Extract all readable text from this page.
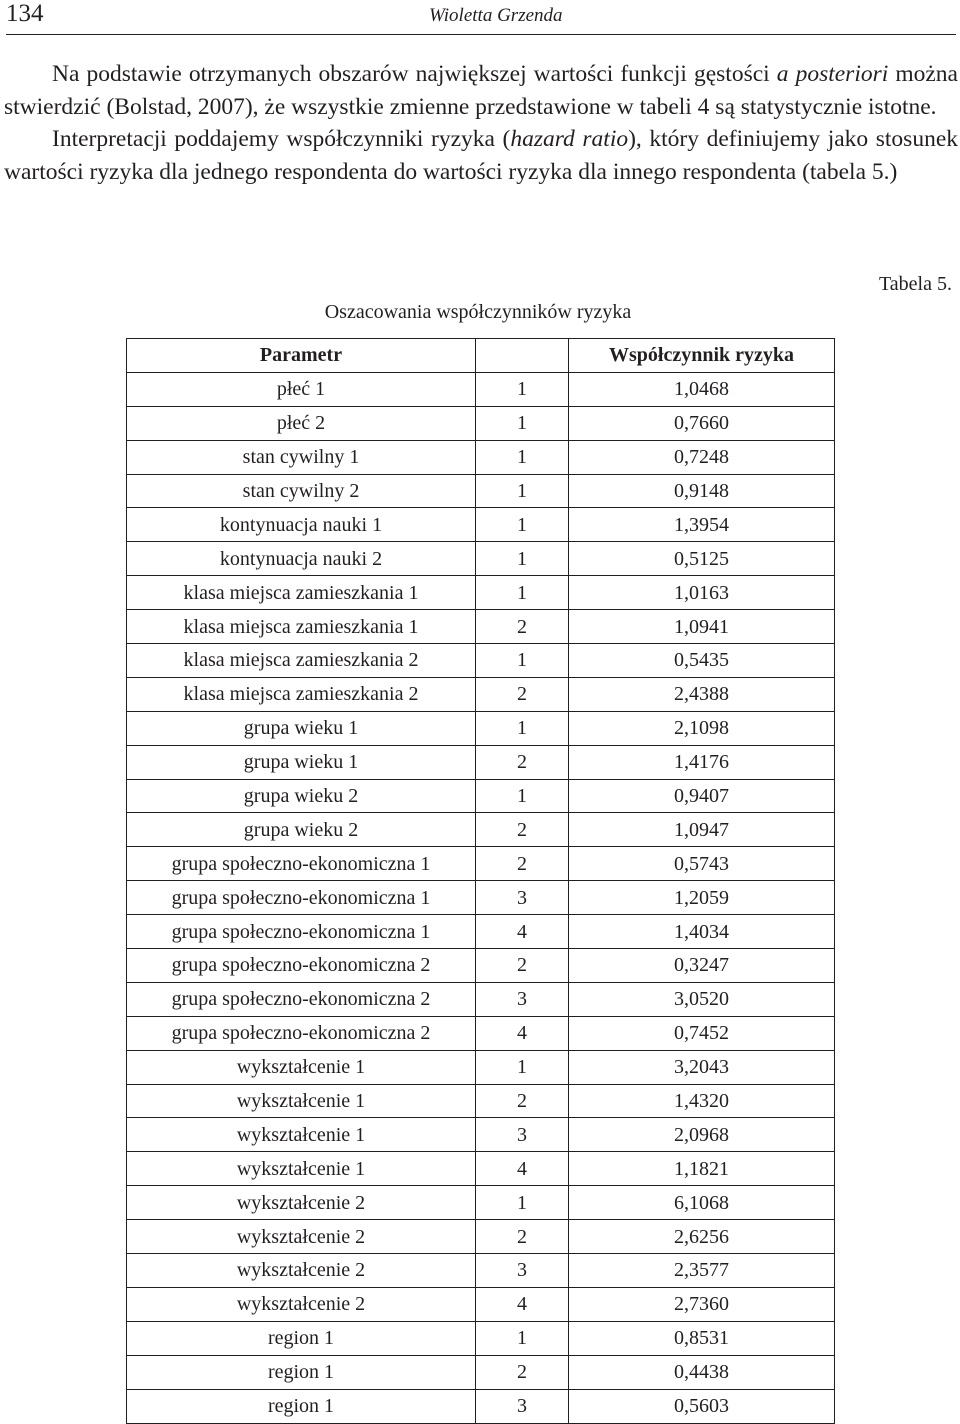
134	Wioletta Grzenda

Na podstawie otrzymanych obszarów największej wartości funkcji gęstości a posteriori można stwierdzić (Bolstad, 2007), że wszystkie zmienne przedstawione w tabeli 4 są statystycznie istotne.

Interpretacji poddajemy współczynniki ryzyka (hazard ratio), który definiujemy jako stosunek wartości ryzyka dla jednego respondenta do wartości ryzyka dla innego respondenta (tabela 5.)

Tabela 5.
Oszacowania współczynników ryzyka
Parametr		Współczynnik ryzyka
płeć 1	1	1,0468
płeć 2	1	0,7660
stan cywilny 1	1	0,7248
stan cywilny 2	1	0,9148
kontynuacja nauki 1	1	1,3954
kontynuacja nauki 2	1	0,5125
klasa miejsca zamieszkania 1	1	1,0163
klasa miejsca zamieszkania 1	2	1,0941
klasa miejsca zamieszkania 2	1	0,5435
klasa miejsca zamieszkania 2	2	2,4388
grupa wieku 1	1	2,1098
grupa wieku 1	2	1,4176
grupa wieku 2	1	0,9407
grupa wieku 2	2	1,0947
grupa społeczno-ekonomiczna 1	2	0,5743
grupa społeczno-ekonomiczna 1	3	1,2059
grupa społeczno-ekonomiczna 1	4	1,4034
grupa społeczno-ekonomiczna 2	2	0,3247
grupa społeczno-ekonomiczna 2	3	3,0520
grupa społeczno-ekonomiczna 2	4	0,7452
wykształcenie 1	1	3,2043
wykształcenie 1	2	1,4320
wykształcenie 1	3	2,0968
wykształcenie 1	4	1,1821
wykształcenie 2	1	6,1068
wykształcenie 2	2	2,6256
wykształcenie 2	3	2,3577
wykształcenie 2	4	2,7360
region 1	1	0,8531
region 1	2	0,4438
region 1	3	0,5603
